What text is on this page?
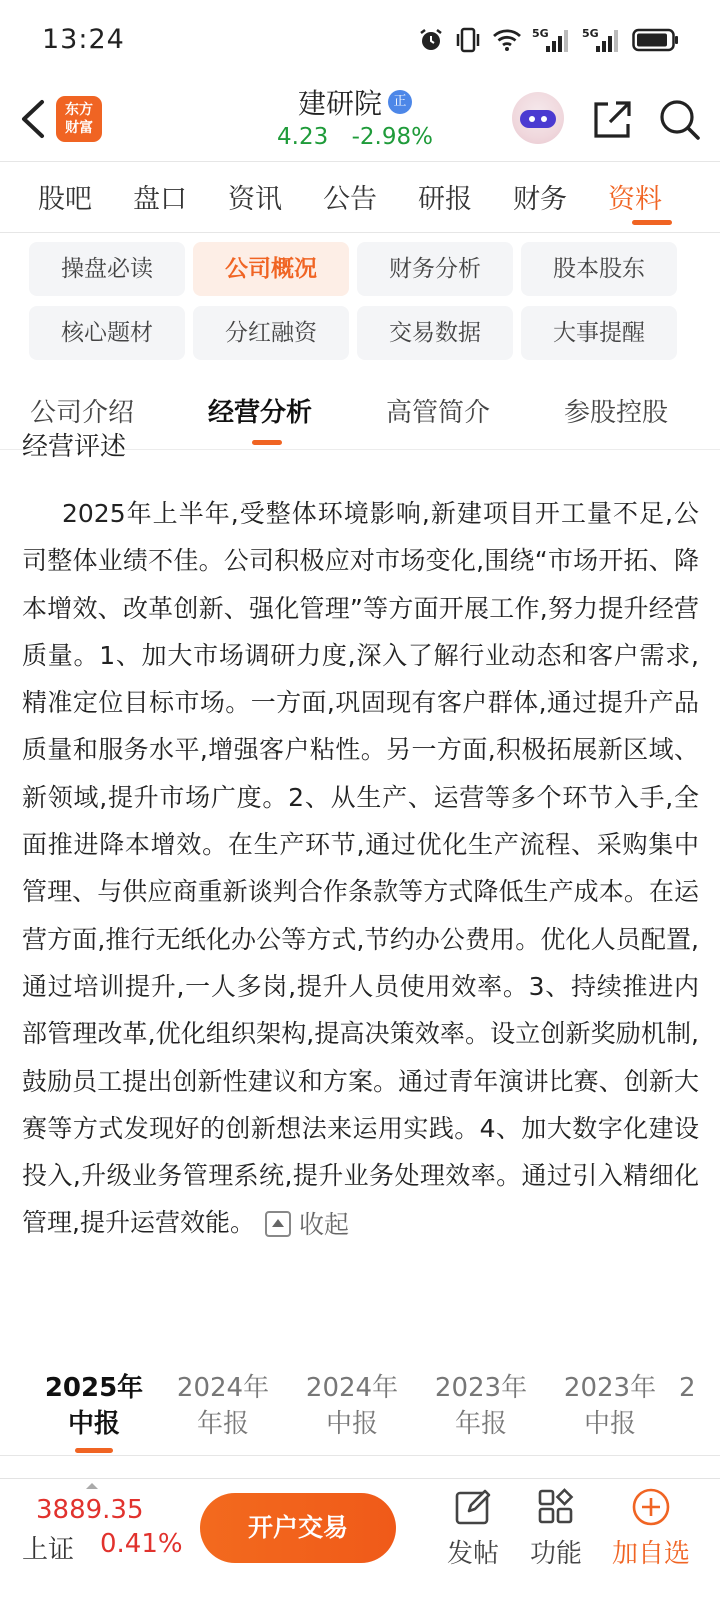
13:24	5G	5G
东方
财富
建研院 正
4.23 -2.98%
股吧 盘口 资讯 公告 研报 财务 资料
操盘必读	公司概况	财务分析	股本股东
核心题材	分红融资	交易数据	大事提醒
公司介绍	经营分析	高管简介	参股控股
经营评述
2025年上半年,受整体环境影响,新建项目开工量不足,公司整体业绩不佳。公司积极应对市场变化,围绕“市场开拓、降本增效、改革创新、强化管理”等方面开展工作,努力提升经营质量。1、加大市场调研力度,深入了解行业动态和客户需求,精准定位目标市场。一方面,巩固现有客户群体,通过提升产品质量和服务水平,增强客户粘性。另一方面,积极拓展新区域、新领域,提升市场广度。2、从生产、运营等多个环节入手,全面推进降本增效。在生产环节,通过优化生产流程、采购集中管理、与供应商重新谈判合作条款等方式降低生产成本。在运营方面,推行无纸化办公等方式,节约办公费用。优化人员配置,通过培训提升,一人多岗,提升人员使用效率。3、持续推进内部管理改革,优化组织架构,提高决策效率。设立创新奖励机制,鼓励员工提出创新性建议和方案。通过青年演讲比赛、创新大赛等方式发现好的创新想法来运用实践。4、加大数字化建设投入,升级业务管理系统,提升业务处理效率。通过引入精细化管理,提升运营效能。 收起
2025年
中报
2024年
年报
2024年
中报
2023年
年报
2023年
中报
2
3889.35
上证 0.41%
开户交易
发帖	功能	加自选
